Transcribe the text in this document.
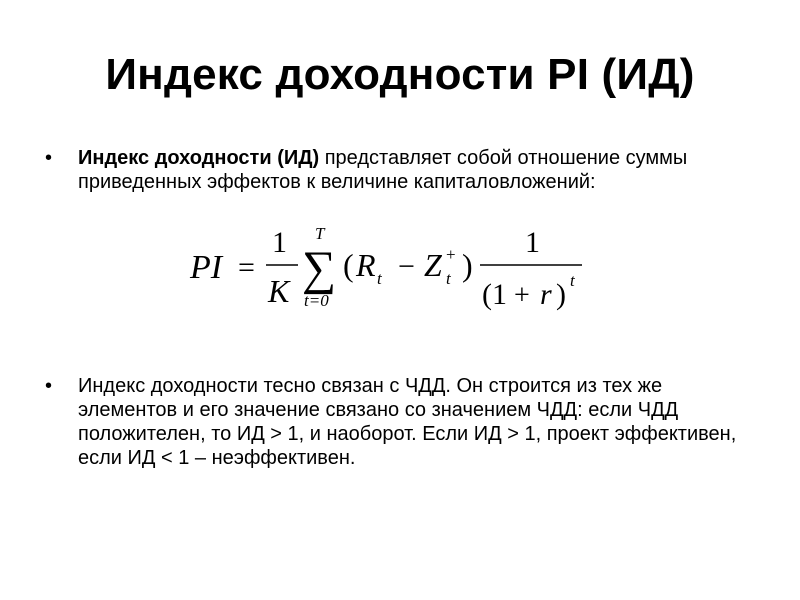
Индекс доходности PI (ИД)
•	Индекс доходности (ИД) представляет собой отношение суммы приведенных эффектов к величине капиталовложений:
PI =
1
K
T
∑
t=0
( R t − Z t
+ )
1
(1 + r ) t
•	Индекс доходности тесно связан с ЧДД. Он строится из тех же элементов и его значение связано со значением ЧДД: если ЧДД положителен, то ИД > 1, и наоборот. Если ИД > 1, проект эффективен, если ИД < 1 – неэффективен.
